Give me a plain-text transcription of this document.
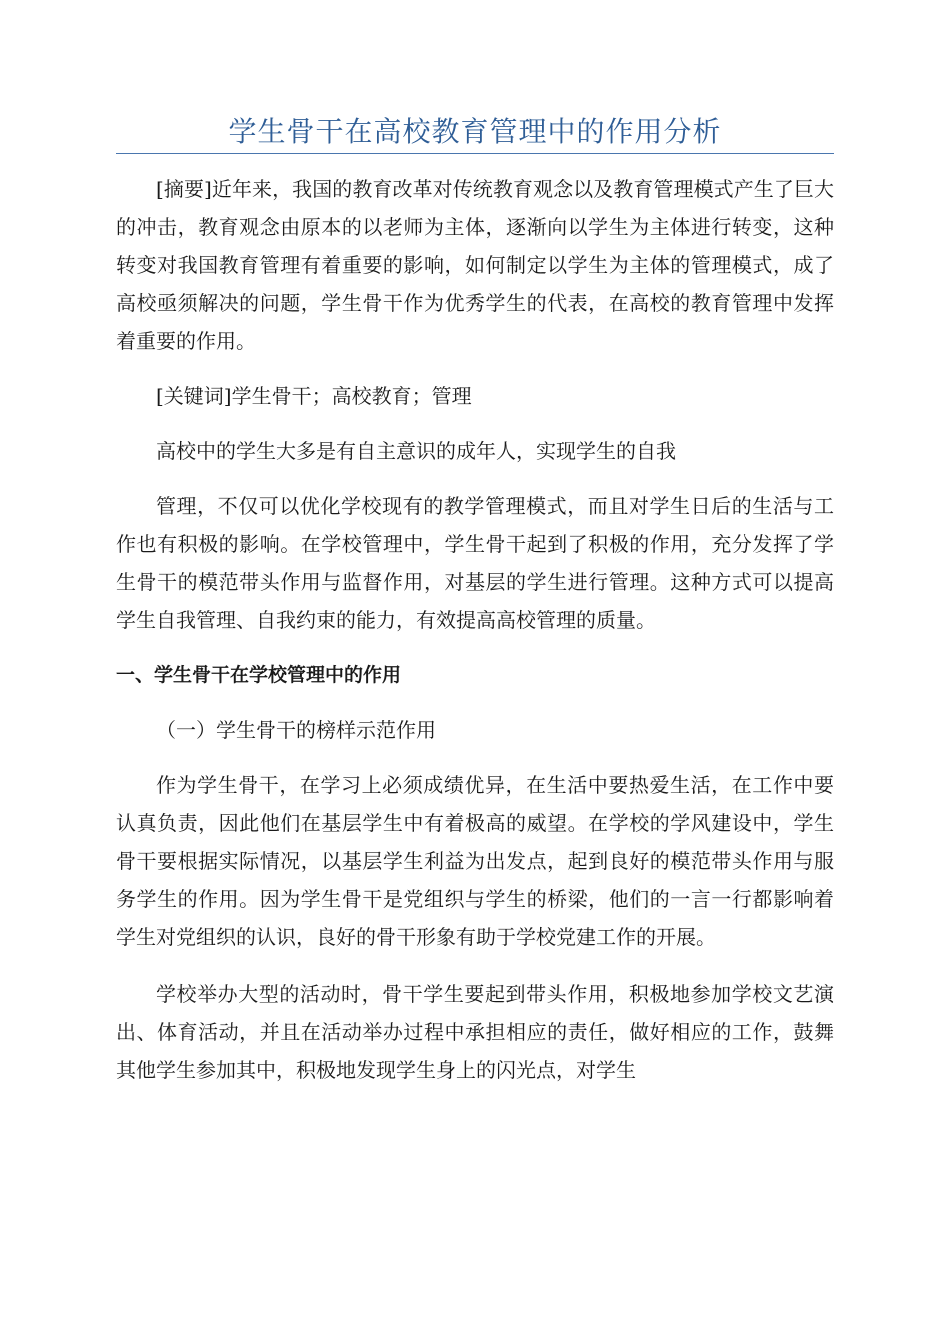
学生骨干在高校教育管理中的作用分析

[摘要]近年来，我国的教育改革对传统教育观念以及教育管理模式产生了巨大的冲击，教育观念由原本的以老师为主体，逐渐向以学生为主体进行转变，这种转变对我国教育管理有着重要的影响，如何制定以学生为主体的管理模式，成了高校亟须解决的问题，学生骨干作为优秀学生的代表，在高校的教育管理中发挥着重要的作用。

[关键词]学生骨干；高校教育；管理

高校中的学生大多是有自主意识的成年人，实现学生的自我

管理，不仅可以优化学校现有的教学管理模式，而且对学生日后的生活与工作也有积极的影响。在学校管理中，学生骨干起到了积极的作用，充分发挥了学生骨干的模范带头作用与监督作用，对基层的学生进行管理。这种方式可以提高学生自我管理、自我约束的能力，有效提高高校管理的质量。

一、学生骨干在学校管理中的作用

（一）学生骨干的榜样示范作用

作为学生骨干，在学习上必须成绩优异，在生活中要热爱生活，在工作中要认真负责，因此他们在基层学生中有着极高的威望。在学校的学风建设中，学生骨干要根据实际情况，以基层学生利益为出发点，起到良好的模范带头作用与服务学生的作用。因为学生骨干是党组织与学生的桥梁，他们的一言一行都影响着学生对党组织的认识，良好的骨干形象有助于学校党建工作的开展。

学校举办大型的活动时，骨干学生要起到带头作用，积极地参加学校文艺演出、体育活动，并且在活动举办过程中承担相应的责任，做好相应的工作，鼓舞其他学生参加其中，积极地发现学生身上的闪光点，对学生
